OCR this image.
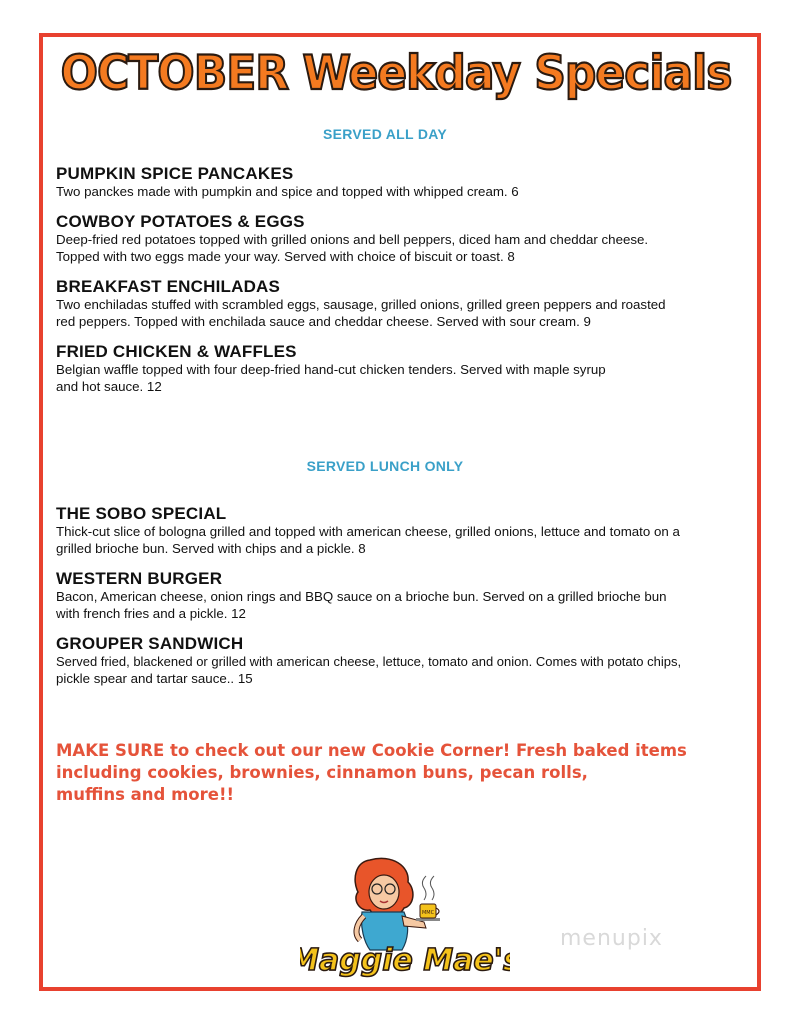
OCTOBER Weekday Specials
SERVED ALL DAY
PUMPKIN SPICE PANCAKES
Two panckes made with pumpkin and spice and topped with whipped cream. 6
COWBOY POTATOES & EGGS
Deep-fried red potatoes topped with grilled onions and bell peppers, diced ham and cheddar cheese.
Topped with two eggs made your way. Served with choice of biscuit or toast. 8
BREAKFAST ENCHILADAS
Two enchiladas stuffed with scrambled eggs, sausage, grilled onions, grilled green peppers and roasted
red peppers. Topped with enchilada sauce and cheddar cheese. Served with sour cream. 9
FRIED CHICKEN & WAFFLES
Belgian waffle topped with four deep-fried hand-cut chicken tenders. Served with maple syrup
and hot sauce. 12
SERVED LUNCH ONLY
THE SOBO SPECIAL
Thick-cut slice of bologna grilled and topped with american cheese, grilled onions, lettuce and tomato on a
grilled brioche bun. Served with chips and a pickle. 8
WESTERN BURGER
Bacon, American cheese, onion rings and BBQ sauce on a brioche bun. Served on a grilled brioche bun
with french fries and a pickle. 12
GROUPER SANDWICH
Served fried, blackened or grilled with american cheese, lettuce, tomato and onion. Comes with potato chips,
pickle spear and tartar sauce.. 15
MAKE SURE to check out our new Cookie Corner! Fresh baked items
including cookies, brownies, cinnamon buns, pecan rolls,
muffins and more!!
MMC
Maggie Mae's
menupix
